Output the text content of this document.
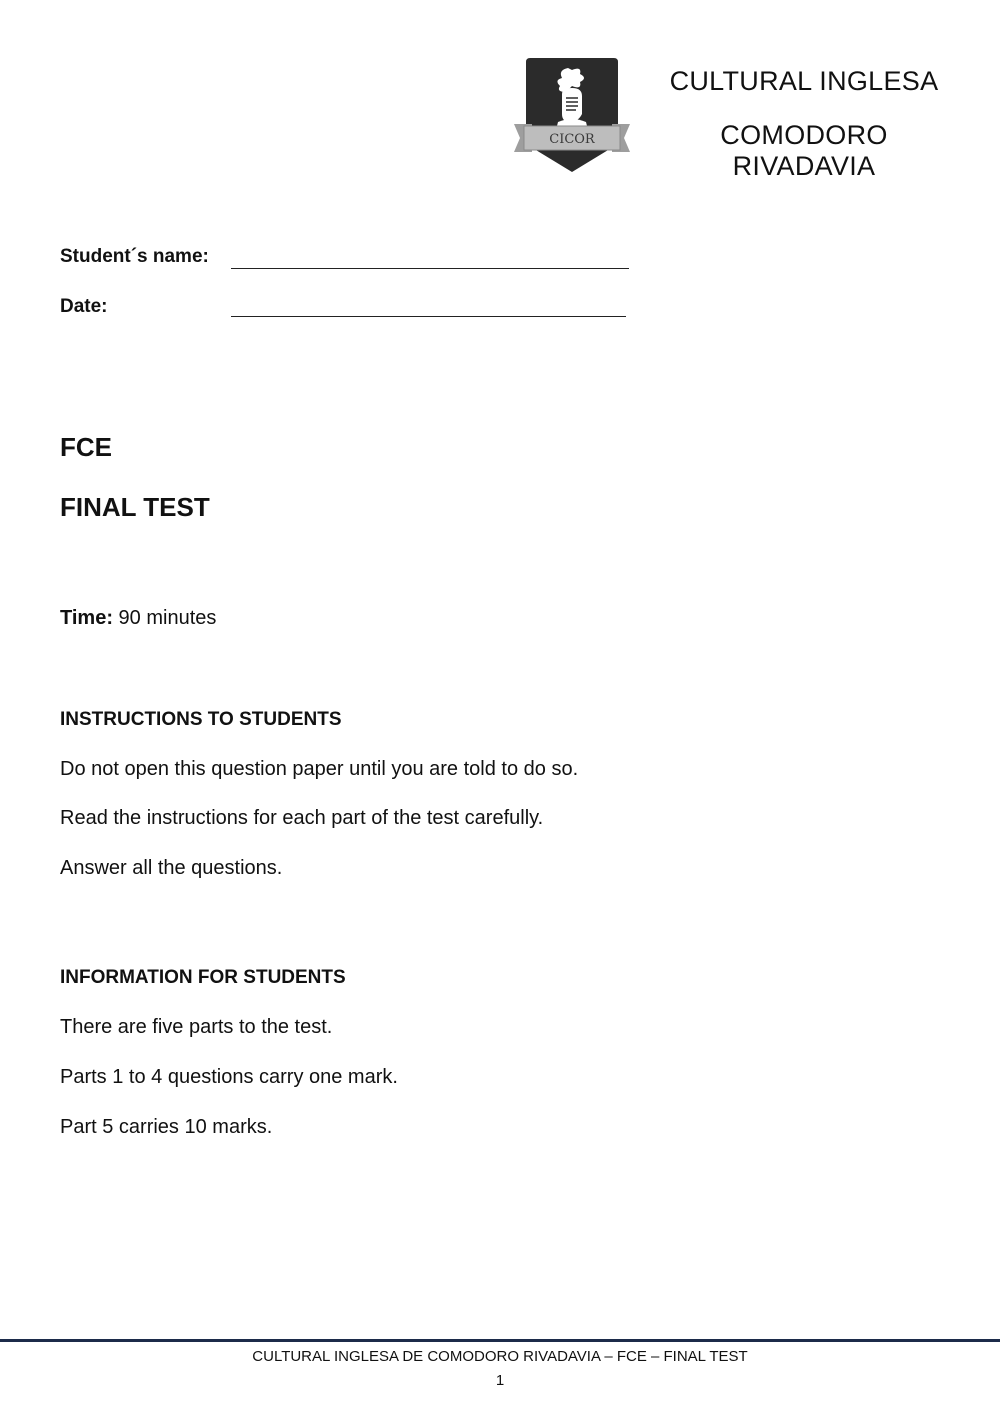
CICOR
CULTURAL INGLESA
COMODORO RIVADAVIA
Student´s name:
Date:
FCE
FINAL TEST
Time: 90 minutes
INSTRUCTIONS TO STUDENTS
Do not open this question paper until you are told to do so.
Read the instructions for each part of the test carefully.
Answer all the questions.
INFORMATION FOR STUDENTS
There are five parts to the test.
Parts 1 to 4 questions carry one mark.
Part 5 carries 10 marks.
CULTURAL INGLESA DE COMODORO RIVADAVIA – FCE – FINAL TEST
1
